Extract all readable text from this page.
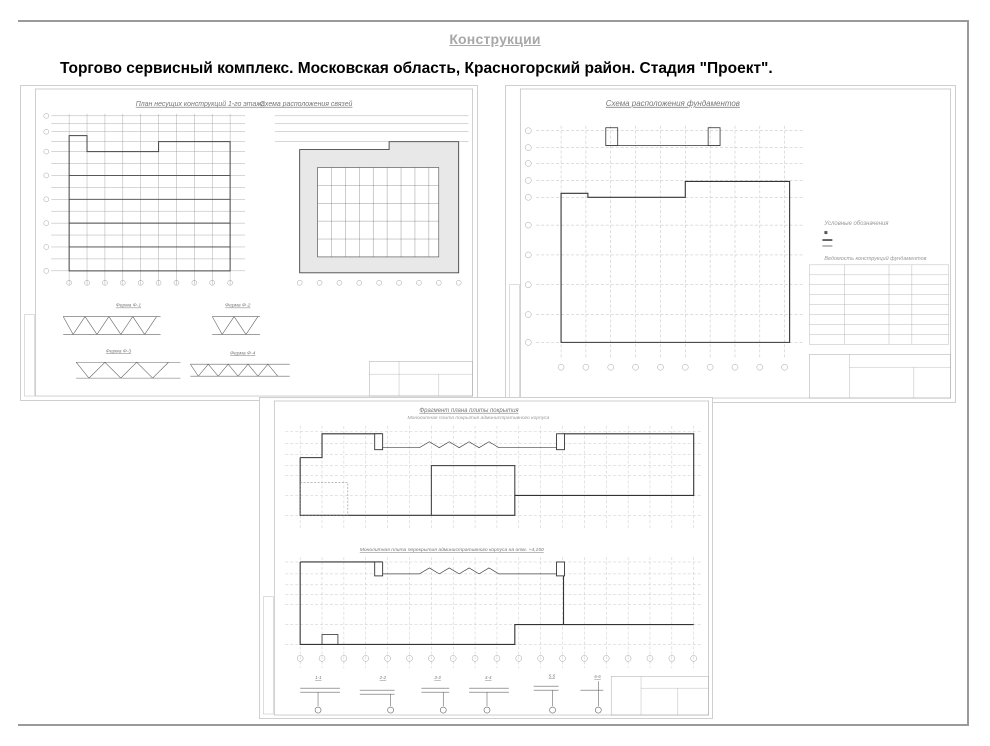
Конструкции
Торгово сервисный комплекс. Московская область, Красногорский район. Стадия "Проект".
План несущих конструкций 1-го этажа
Схема расположения связей
Ферма Ф-1	Ферма Ф-2
Ферма Ф-3	Ферма Ф-4
Схема расположения фундаментов
Условные обозначения
Ведомость конструкций фундаментов
Фрагмент плана плиты покрытия
Монолитная плита покрытия административного корпуса
Монолитная плита перекрытия административного корпуса на отм. +4,150
1-1	2-2	3-3	4-4	5-5	6-6
